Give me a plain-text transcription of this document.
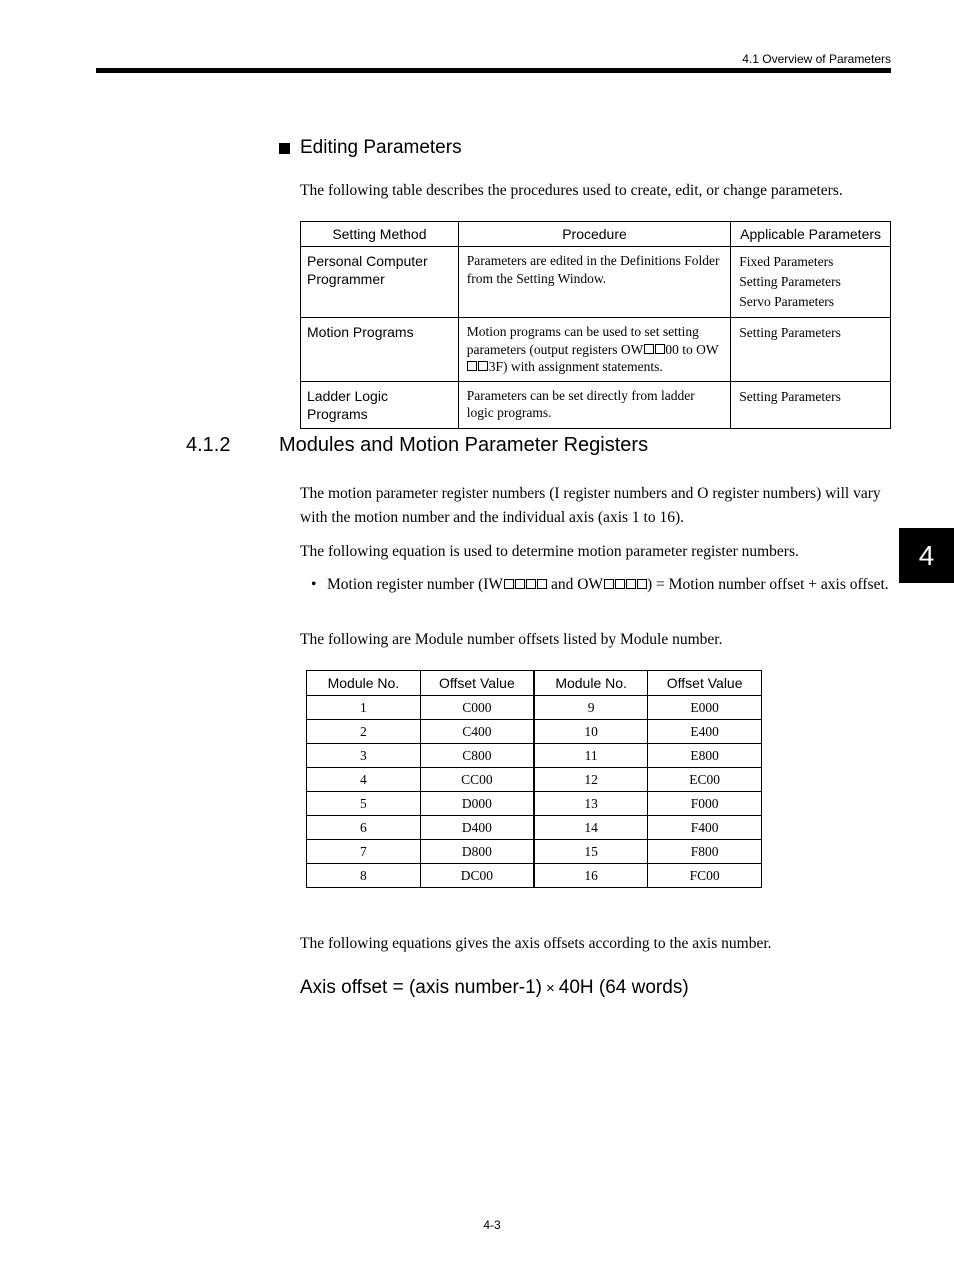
4.1 Overview of Parameters
Editing Parameters
The following table describes the procedures used to create, edit, or change parameters.
Setting Method	Procedure	Applicable Parameters
Personal Computer Programmer	Parameters are edited in the Definitions Folder from the Setting Window.	Fixed Parameters
Setting Parameters
Servo Parameters

Motion Programs	Motion programs can be used to set setting parameters (output registers OW 00 to OW3F) with assignment statements.	Setting Parameters

Ladder Logic Programs	Parameters can be set directly from ladder logic programs.	Setting Parameters
4.1.2 Modules and Motion Parameter Registers
The motion parameter register numbers (I register numbers and O register numbers) will vary with the motion number and the individual axis (axis 1 to 16).
The following equation is used to determine motion parameter register numbers.
• Motion register number (IW	and OW	) = Motion number offset + axis offset.
The following are Module number offsets listed by Module number.
Module No.	Offset Value	Module No.	Offset Value
1	C000	9	E000
2	C400	10	E400
3	C800	11	E800
4	CC00	12	EC00
5	D000	13	F000
6	D400	14	F400
7	D800	15	F800
8	DC00	16	FC00
The following equations gives the axis offsets according to the axis number.
Axis offset = (axis number-1) × 40H (64 words)
4
4-3
